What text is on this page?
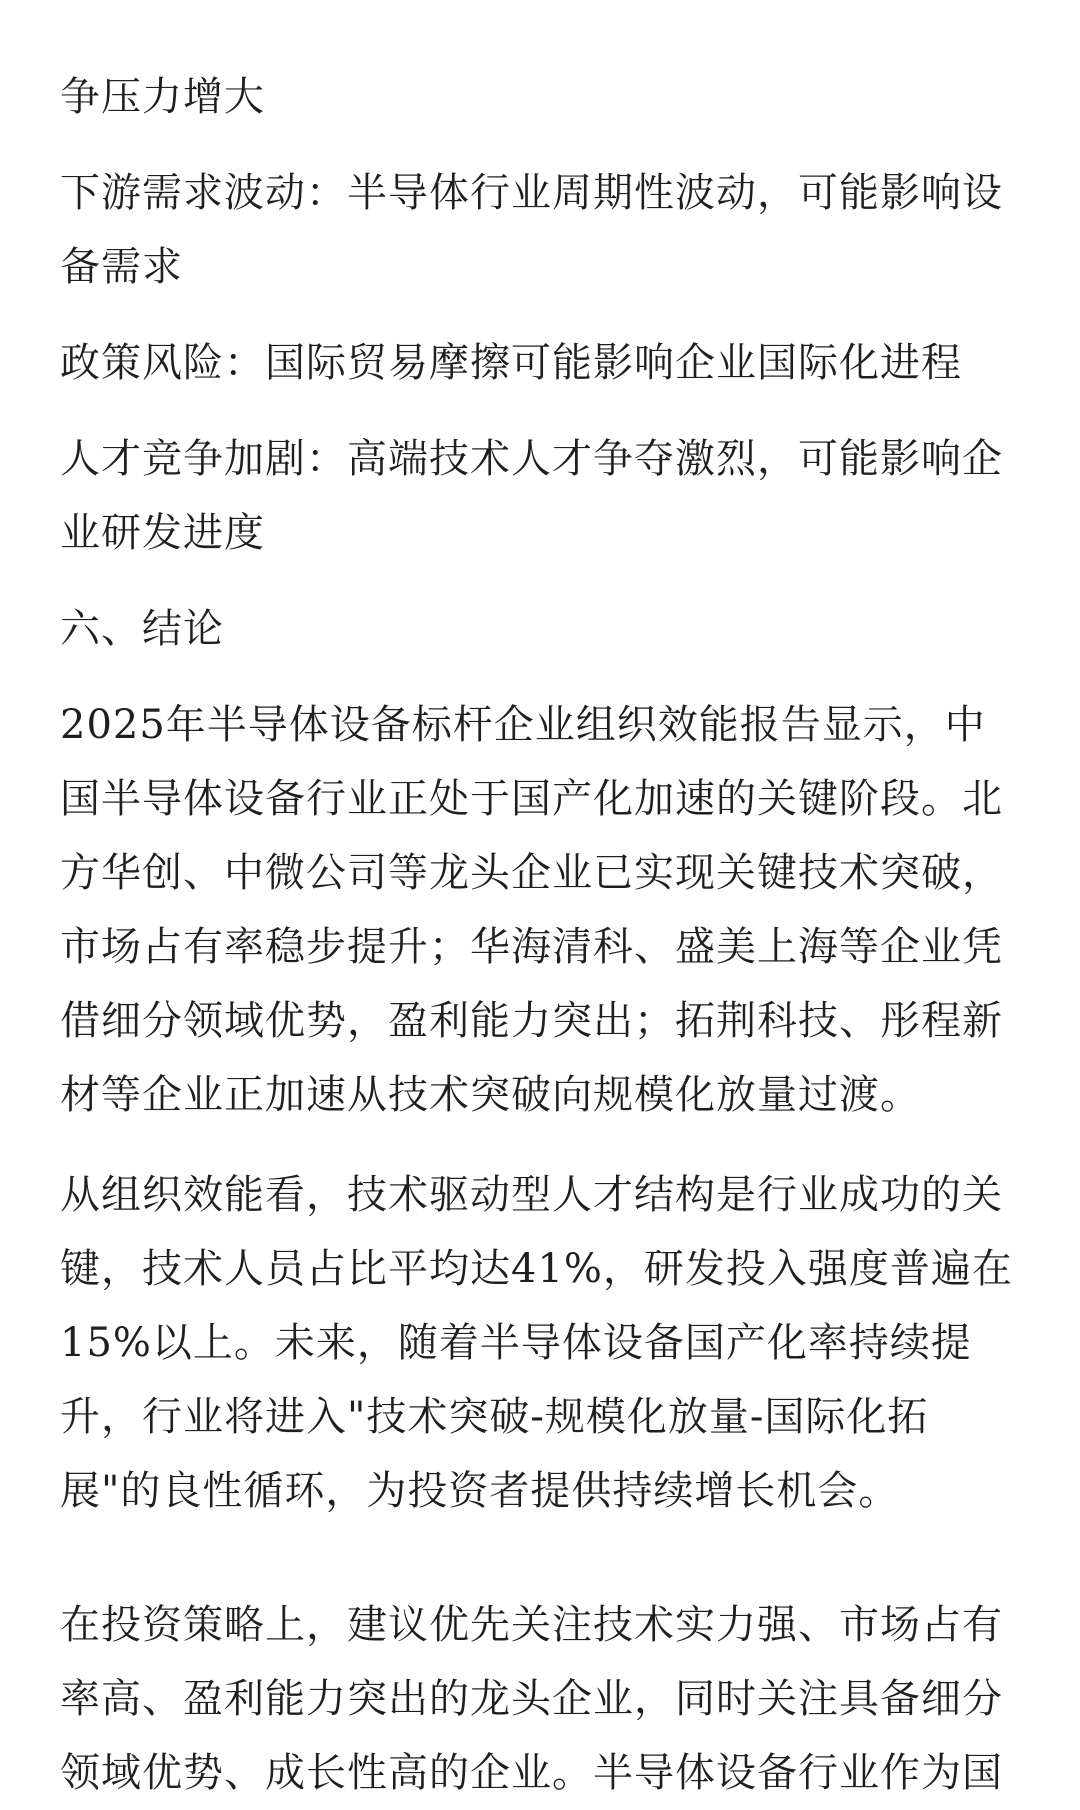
争压力增大

下游需求波动：半导体行业周期性波动，可能影响设备需求

政策风险：国际贸易摩擦可能影响企业国际化进程

人才竞争加剧：高端技术人才争夺激烈，可能影响企业研发进度

六、结论

2025年半导体设备标杆企业组织效能报告显示，中国半导体设备行业正处于国产化加速的关键阶段。北方华创、中微公司等龙头企业已实现关键技术突破，市场占有率稳步提升；华海清科、盛美上海等企业凭借细分领域优势，盈利能力突出；拓荆科技、彤程新材等企业正加速从技术突破向规模化放量过渡。

从组织效能看，技术驱动型人才结构是行业成功的关键，技术人员占比平均达41%，研发投入强度普遍在15%以上。未来，随着半导体设备国产化率持续提升，行业将进入"技术突破-规模化放量-国际化拓展"的良性循环，为投资者提供持续增长机会。

在投资策略上，建议优先关注技术实力强、市场占有率高、盈利能力突出的龙头企业，同时关注具备细分领域优势、成长性高的企业。半导体设备行业作为国
